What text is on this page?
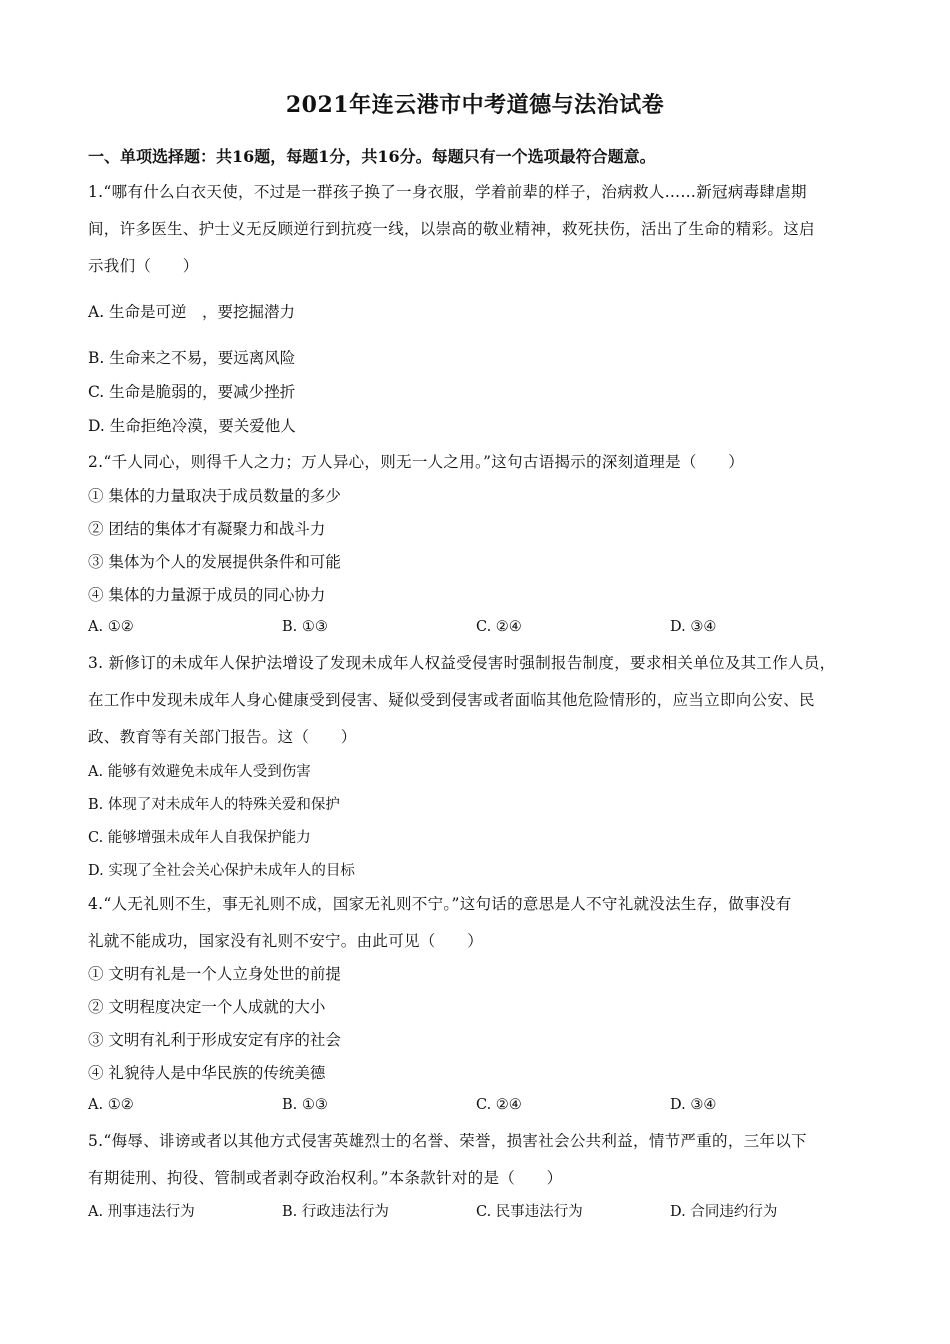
2021年连云港市中考道德与法治试卷
一、单项选择题：共16题，每题1分，共16分。每题只有一个选项最符合题意。
1.“哪有什么白衣天使，不过是一群孩子换了一身衣服，学着前辈的样子，治病救人……新冠病毒肆虐期
间，许多医生、护士义无反顾逆行到抗疫一线，以崇高的敬业精神，救死扶伤，活出了生命的精彩。这启
示我们（　　）
A. 生命是可逆　，要挖掘潜力
B. 生命来之不易，要远离风险
C. 生命是脆弱的，要减少挫折
D. 生命拒绝冷漠，要关爱他人
2.“千人同心，则得千人之力；万人异心，则无一人之用。”这句古语揭示的深刻道理是（　　）
① 集体的力量取决于成员数量的多少
② 团结的集体才有凝聚力和战斗力
③ 集体为个人的发展提供条件和可能
④ 集体的力量源于成员的同心协力
A. ①②	B. ①③	C. ②④	D. ③④
3. 新修订的未成年人保护法增设了发现未成年人权益受侵害时强制报告制度，要求相关单位及其工作人员，
在工作中发现未成年人身心健康受到侵害、疑似受到侵害或者面临其他危险情形的，应当立即向公安、民
政、教育等有关部门报告。这（　　）
A. 能够有效避免未成年人受到伤害
B. 体现了对未成年人的特殊关爱和保护
C. 能够增强未成年人自我保护能力
D. 实现了全社会关心保护未成年人的目标
4.“人无礼则不生，事无礼则不成，国家无礼则不宁。”这句话的意思是人不守礼就没法生存，做事没有
礼就不能成功，国家没有礼则不安宁。由此可见（　　）
① 文明有礼是一个人立身处世的前提
② 文明程度决定一个人成就的大小
③ 文明有礼利于形成安定有序的社会
④ 礼貌待人是中华民族的传统美德
A. ①②	B. ①③	C. ②④	D. ③④
5.“侮辱、诽谤或者以其他方式侵害英雄烈士的名誉、荣誉，损害社会公共利益，情节严重的，三年以下
有期徒刑、拘役、管制或者剥夺政治权利。”本条款针对的是（　　）
A. 刑事违法行为	B. 行政违法行为	C. 民事违法行为	D. 合同违约行为
